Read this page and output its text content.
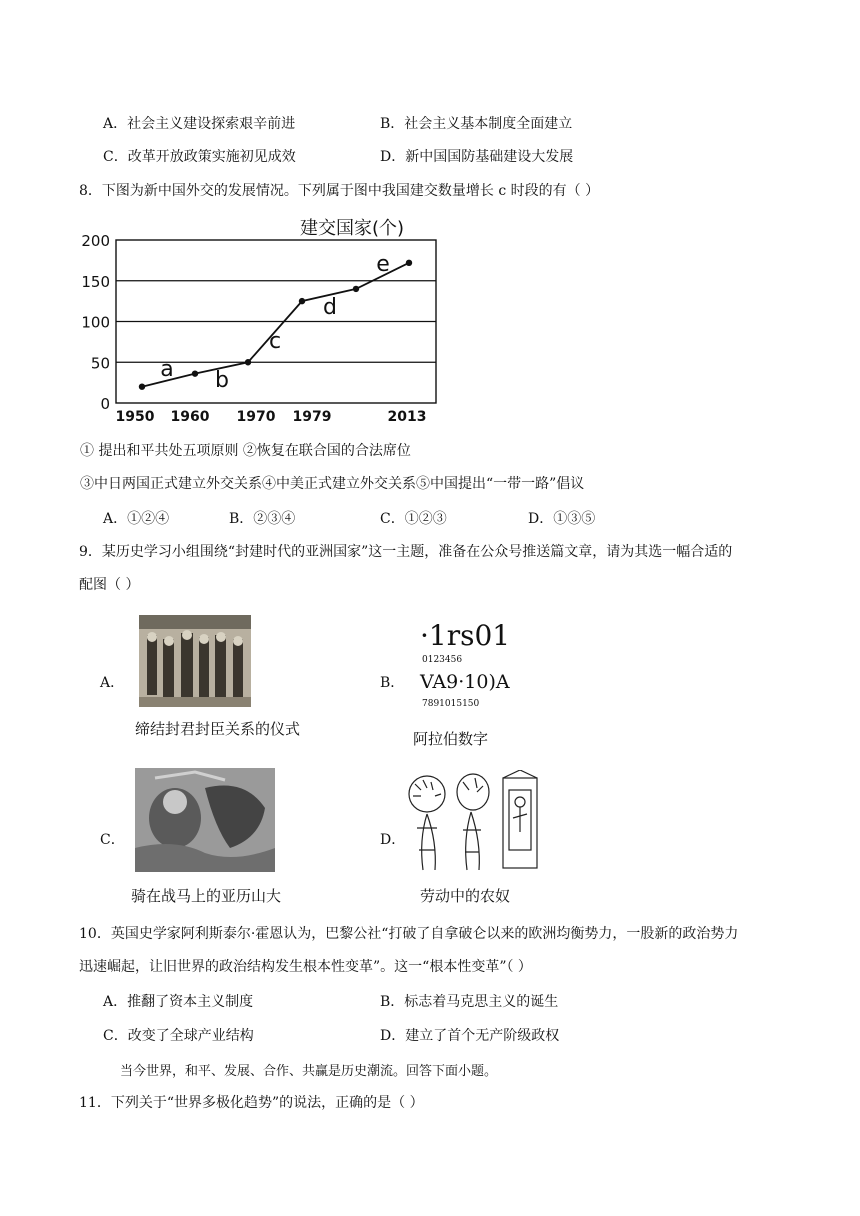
A．社会主义建设探索艰辛前进	B．社会主义基本制度全面建立
C．改革开放政策实施初见成效	D．新中国国防基础建设大发展
8．下图为新中国外交的发展情况。下列属于图中我国建交数量增长 c 时段的有（ ）
建交国家(个)
0
50
100
150
200
1950 1960 1970 1979	2013
a b
c
d
e
① 提出和平共处五项原则 ②恢复在联合国的合法席位
③中日两国正式建立外交关系④中美正式建立外交关系⑤中国提出“一带一路”倡议
A．①②④	B．②③④	C．①②③	D．①③⑤
9．某历史学习小组围绕“封建时代的亚洲国家”这一主题，准备在公众号推送篇文章，请为其选一幅合适的
配图（ ）
A．
缔结封君封臣关系的仪式
B．
·1rs01
0123456
VA9·10)A
7891015150
阿拉伯数字
C．
骑在战马上的亚历山大
D．
劳动中的农奴
10．英国史学家阿利斯泰尔·霍恩认为，巴黎公社“打破了自拿破仑以来的欧洲均衡势力，一股新的政治势力
迅速崛起，让旧世界的政治结构发生根本性变革”。这一“根本性变革”（ ）
A．推翻了资本主义制度	B．标志着马克思主义的诞生
C．改变了全球产业结构	D．建立了首个无产阶级政权
当今世界，和平、发展、合作、共赢是历史潮流。回答下面小题。
11．下列关于“世界多极化趋势”的说法，正确的是（ ）
